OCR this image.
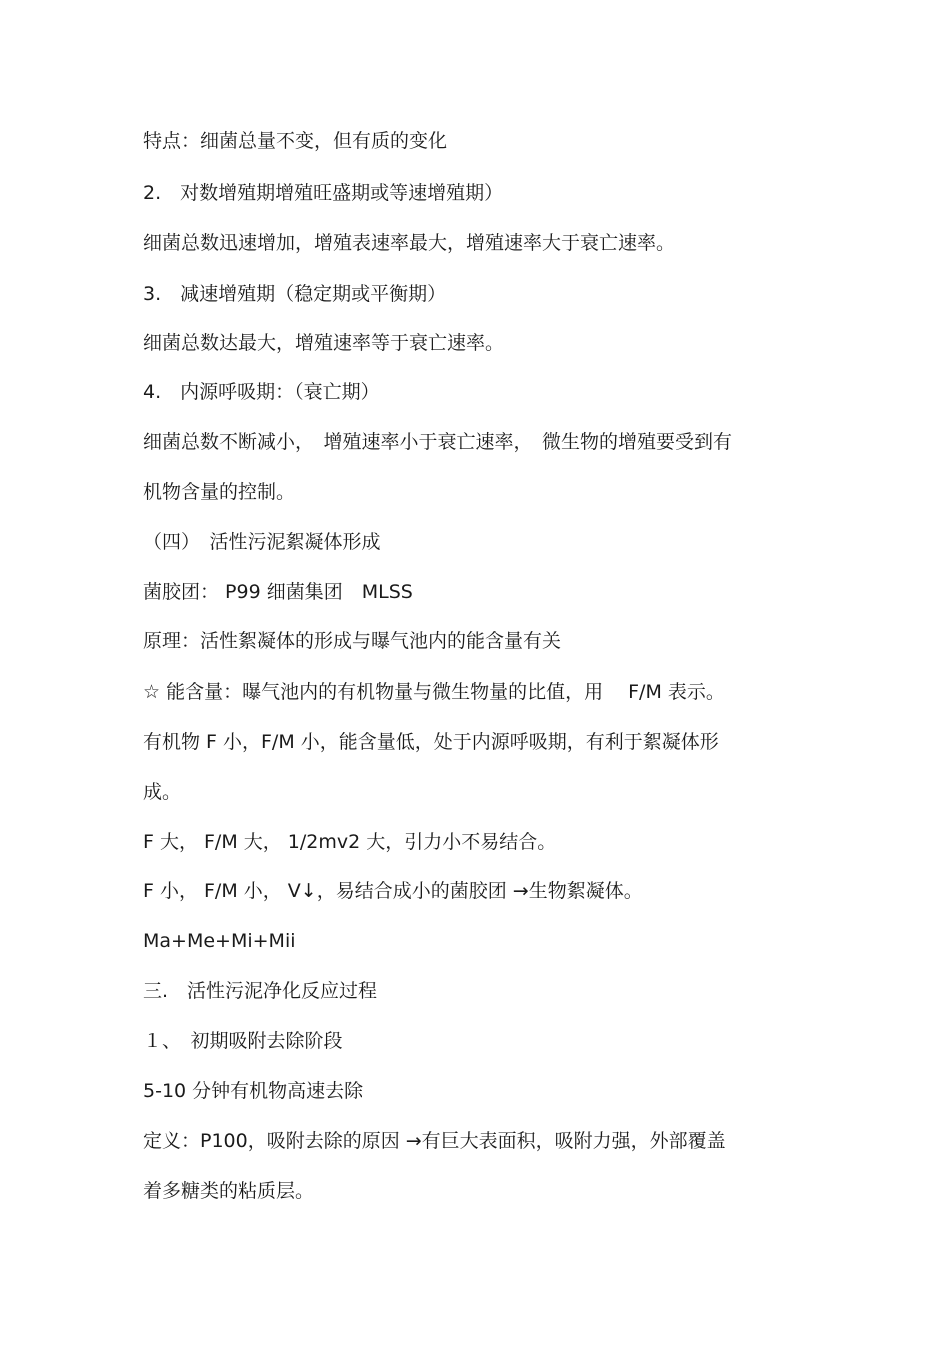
特点：细菌总量不变，但有质的变化

2.　对数增殖期增殖旺盛期或等速增殖期）

细菌总数迅速增加，增殖表速率最大，增殖速率大于衰亡速率。

3.　减速增殖期（稳定期或平衡期）

细菌总数达最大，增殖速率等于衰亡速率。

4.　内源呼吸期：（衰亡期）

细菌总数不断减小，　增殖速率小于衰亡速率，　微生物的增殖要受到有

机物含量的控制。

（四）　活性污泥絮凝体形成

菌胶团： P99 细菌集团　MLSS

原理：活性絮凝体的形成与曝气池内的能含量有关

☆ 能含量：曝气池内的有机物量与微生物量的比值，用　 F/M 表示。

有机物 F 小，F/M 小，能含量低，处于内源呼吸期，有利于絮凝体形

成。

F 大， F/M 大， 1/2mv2 大，引力小不易结合。

F 小， F/M 小， V↓，易结合成小的菌胶团 →生物絮凝体。

Ma+Me+Mi+Mii

三.　活性污泥净化反应过程

１、　初期吸附去除阶段

5-10 分钟有机物高速去除

定义：P100，吸附去除的原因 →有巨大表面积，吸附力强，外部覆盖

着多糖类的粘质层。
